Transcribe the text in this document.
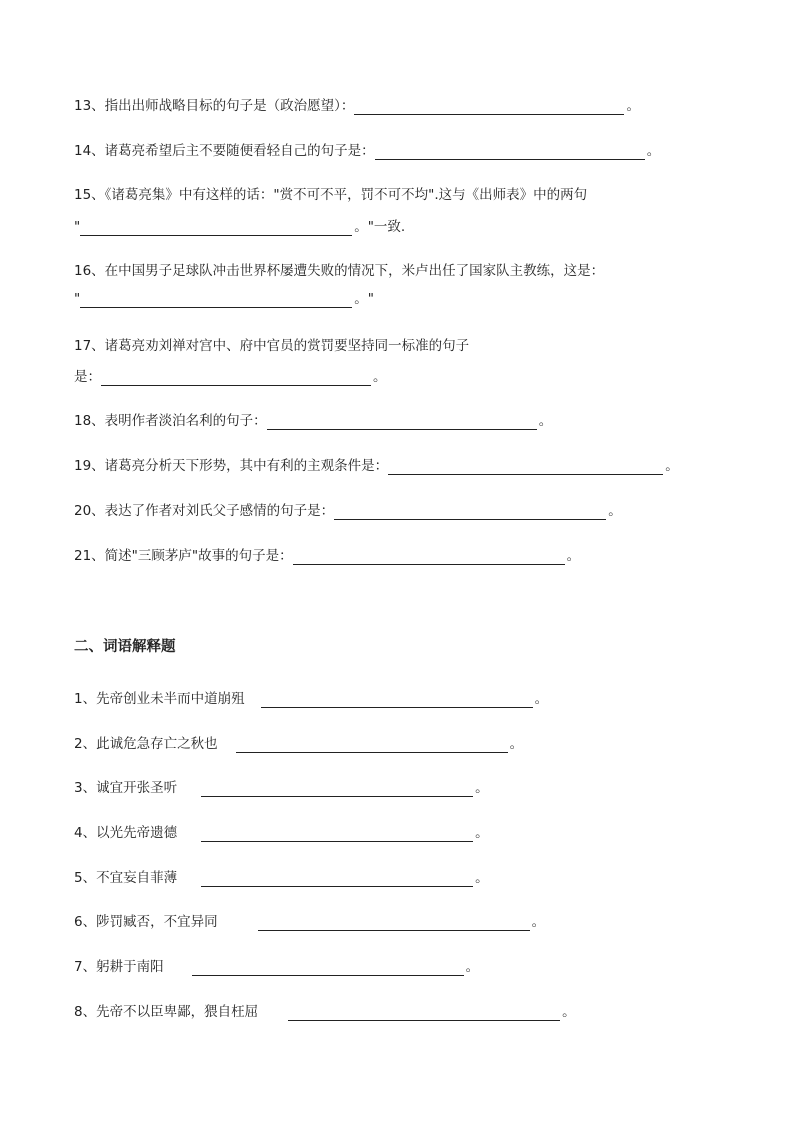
13、指出出师战略目标的句子是（政治愿望）：	。
14、诸葛亮希望后主不要随便看轻自己的句子是：	。
15、《诸葛亮集》中有这样的话："赏不可不平，罚不可不均".这与《出师表》中的两句
"	。"一致.
16、在中国男子足球队冲击世界杯屡遭失败的情况下，米卢出任了国家队主教练，这是：
"	。"
17、诸葛亮劝刘禅对宫中、府中官员的赏罚要坚持同一标准的句子
是：	。
18、表明作者淡泊名利的句子：	。
19、诸葛亮分析天下形势，其中有利的主观条件是：	。
20、表达了作者对刘氏父子感情的句子是：	。
21、简述"三顾茅庐"故事的句子是：	。
二、词语解释题
1、先帝创业未半而中道崩殂	。
2、此诚危急存亡之秋也	。
3、诚宜开张圣听	。
4、以光先帝遗德	。
5、不宜妄自菲薄	。
6、陟罚臧否，不宜异同	。
7、躬耕于南阳	。
8、先帝不以臣卑鄙，猥自枉屈	。
